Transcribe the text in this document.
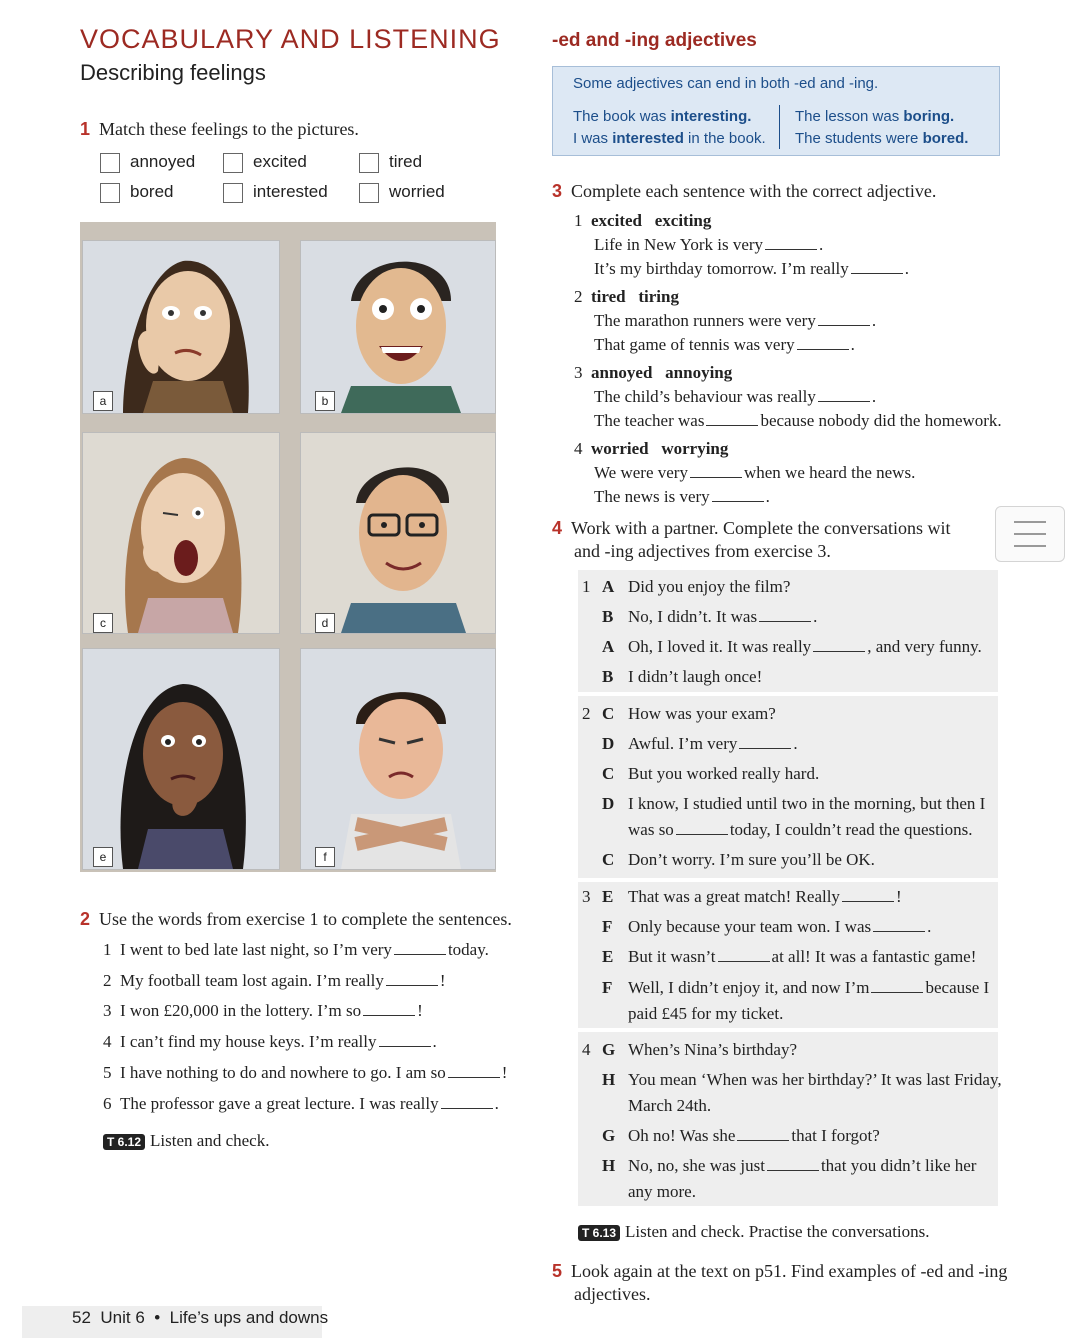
VOCABULARY AND LISTENING
Describing feelings
1 Match these feelings to the pictures.
annoyed	excited	tired
bored	interested	worried
a	b
c	d
e	f
-ed and -ing adjectives
Some adjectives can end in both -ed and -ing.
The book was interesting.
I was interested in the book.
The lesson was boring.
The students were bored.
3 Complete each sentence with the correct adjective.
1 excited exciting
Life in New York is very	.
It’s my birthday tomorrow. I’m really	.
2 tired tiring
The marathon runners were very	.
That game of tennis was very	.
3 annoyed annoying
The child’s behaviour was really	.
The teacher was	because nobody did the homework.
4 worried worrying
We were very	when we heard the news.
The news is very	.
4 Work with a partner. Complete the conversations wit
and -ing adjectives from exercise 3.
1 A Did you enjoy the film?
B No, I didn’t. It was	.
A Oh, I loved it. It was really	, and very funny.
B I didn’t laugh once!
2 C How was your exam?
D Awful. I’m very	.
C But you worked really hard.
D I know, I studied until two in the morning, but then I
was so	today, I couldn’t read the questions.
C Don’t worry. I’m sure you’ll be OK.
3 E That was a great match! Really	!
F Only because your team won. I was	.
E But it wasn’t	at all! It was a fantastic game!
F Well, I didn’t enjoy it, and now I’m	because I
paid £45 for my ticket.
4 G When’s Nina’s birthday?
H You mean ‘When was her birthday?’ It was last Friday,
March 24th.
G Oh no! Was she	that I forgot?
H No, no, she was just	that you didn’t like her
any more.
T 6.13 Listen and check. Practise the conversations.
5 Look again at the text on p51. Find examples of -ed and -ing
adjectives.
2 Use the words from exercise 1 to complete the sentences.
1 I went to bed late last night, so I’m very	today.
2 My football team lost again. I’m really	!
3 I won £20,000 in the lottery. I’m so	!
4 I can’t find my house keys. I’m really	.
5 I have nothing to do and nowhere to go. I am so	!
6 The professor gave a great lecture. I was really	.
T 6.12 Listen and check.
52 Unit 6 • Life’s ups and downs
